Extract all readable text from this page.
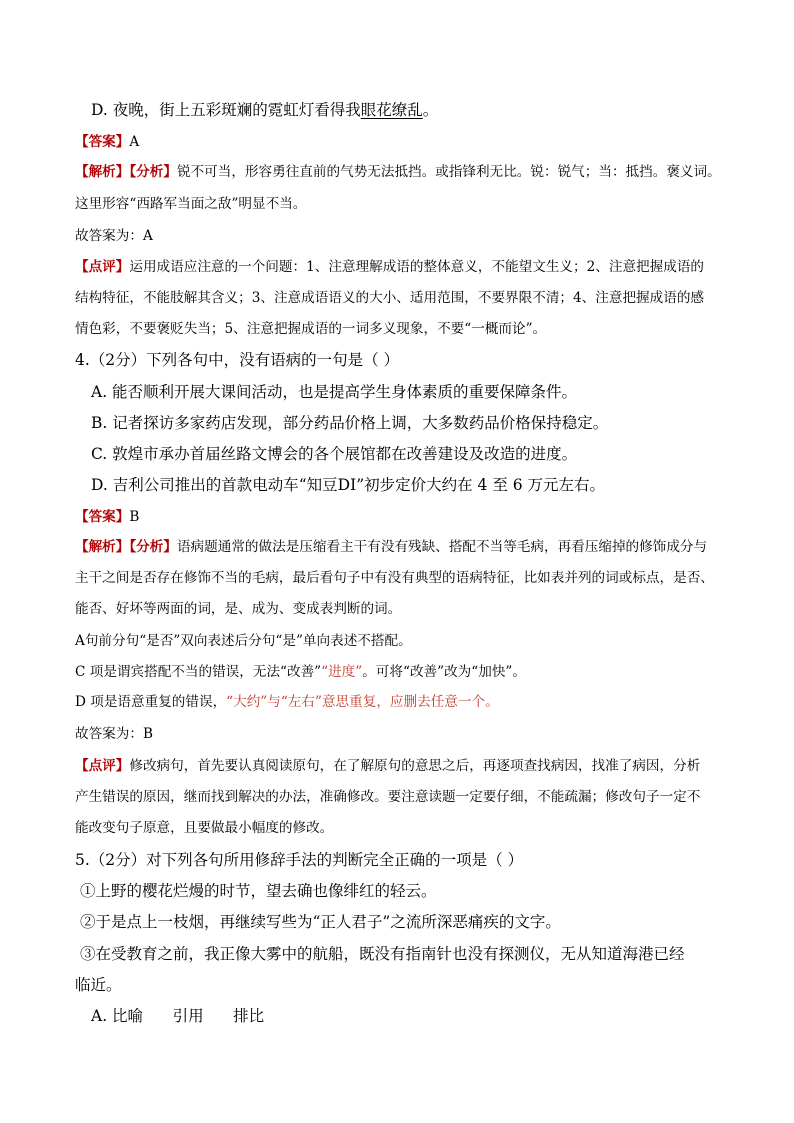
D. 夜晚，街上五彩斑斓的霓虹灯看得我眼花缭乱。
【答案】A
【解析】【分析】锐不可当，形容勇往直前的气势无法抵挡。或指锋利无比。锐：锐气；当：抵挡。褒义词。
这里形容“西路军当面之敌”明显不当。
故答案为：A
【点评】运用成语应注意的一个问题：1、注意理解成语的整体意义，不能望文生义；2、注意把握成语的
结构特征，不能肢解其含义；3、注意成语语义的大小、适用范围，不要界限不清；4、注意把握成语的感
情色彩，不要褒贬失当；5、注意把握成语的一词多义现象，不要“一概而论”。
4.（2分）下列各句中，没有语病的一句是（ ）
A. 能否顺利开展大课间活动，也是提高学生身体素质的重要保障条件。
B. 记者探访多家药店发现，部分药品价格上调，大多数药品价格保持稳定。
C. 敦煌市承办首届丝路文博会的各个展馆都在改善建设及改造的进度。
D. 吉利公司推出的首款电动车“知豆DI”初步定价大约在 4 至 6 万元左右。
【答案】B
【解析】【分析】语病题通常的做法是压缩看主干有没有残缺、搭配不当等毛病，再看压缩掉的修饰成分与
主干之间是否存在修饰不当的毛病，最后看句子中有没有典型的语病特征，比如表并列的词或标点，是否、
能否、好坏等两面的词，是、成为、变成表判断的词。
A句前分句“是否”双向表述后分句“是”单向表述不搭配。
C 项是谓宾搭配不当的错误，无法“改善”“进度”。可将“改善”改为“加快”。
D 项是语意重复的错误，“大约”与“左右”意思重复，应删去任意一个。
故答案为：B
【点评】修改病句，首先要认真阅读原句，在了解原句的意思之后，再逐项查找病因，找准了病因，分析
产生错误的原因，继而找到解决的办法，准确修改。要注意读题一定要仔细，不能疏漏；修改句子一定不
能改变句子原意，且要做最小幅度的修改。
5.（2分）对下列各句所用修辞手法的判断完全正确的一项是（ ）
①上野的樱花烂熳的时节，望去确也像绯红的轻云。
②于是点上一枝烟，再继续写些为“正人君子”之流所深恶痛疾的文字。
③在受教育之前，我正像大雾中的航船，既没有指南针也没有探测仪，无从知道海港已经
临近。
A. 比喻      引用      排比
